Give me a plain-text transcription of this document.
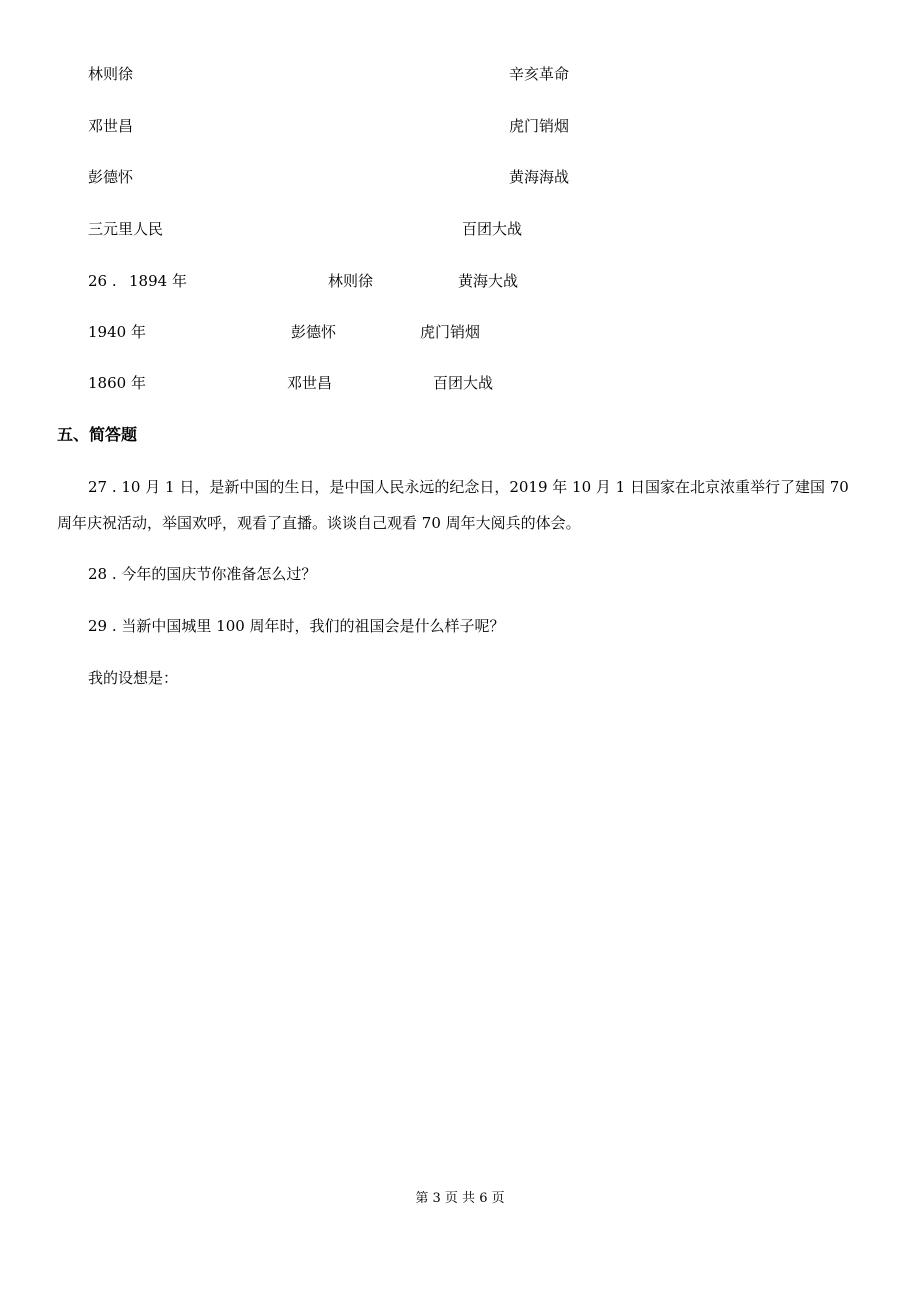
林则徐	辛亥革命
邓世昌	虎门销烟
彭德怀	黄海海战
三元里人民	百团大战
26 . 1894 年	林则徐	黄海大战
1940 年	彭德怀	虎门销烟
1860 年	邓世昌	百团大战
五、简答题
27 . 10 月 1 日，是新中国的生日，是中国人民永远的纪念日，2019 年 10 月 1 日国家在北京浓重举行了建国 70
周年庆祝活动，举国欢呼，观看了直播。谈谈自己观看 70 周年大阅兵的体会。
28 . 今年的国庆节你准备怎么过？
29 . 当新中国城里 100 周年时，我们的祖国会是什么样子呢？
我的设想是：
第 3 页 共 6 页
